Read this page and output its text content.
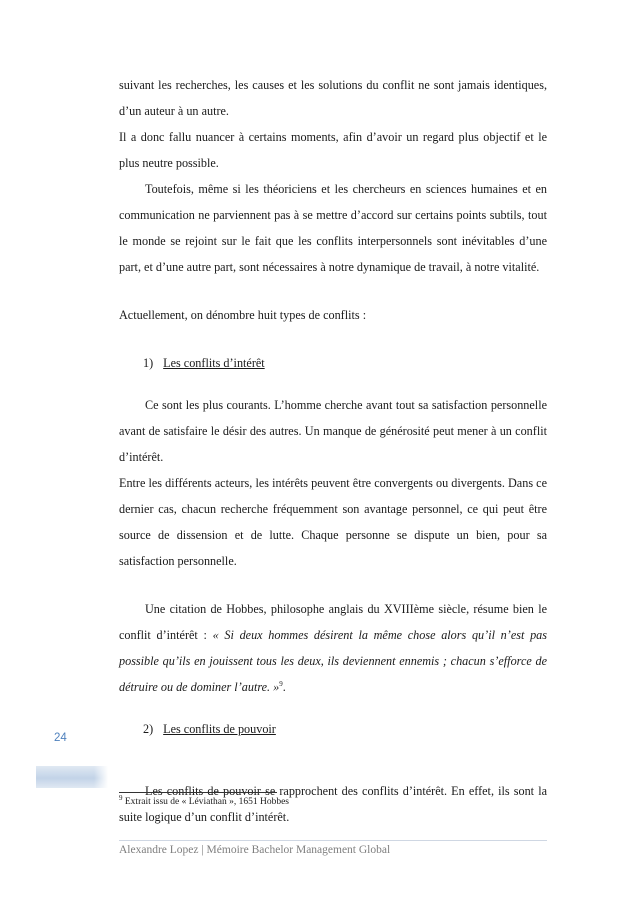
suivant les recherches, les causes et les solutions du conflit ne sont jamais identiques, d’un auteur à un autre.

Il a donc fallu nuancer à certains moments, afin d’avoir un regard plus objectif et le plus neutre possible.

Toutefois, même si les théoriciens et les chercheurs en sciences humaines et en communication ne parviennent pas à se mettre d’accord sur certains points subtils, tout le monde se rejoint sur le fait que les conflits interpersonnels sont inévitables d’une part, et d’une autre part, sont nécessaires à notre dynamique de travail, à notre vitalité.

Actuellement, on dénombre huit types de conflits :

1) Les conflits d’intérêt

Ce sont les plus courants. L’homme cherche avant tout sa satisfaction personnelle avant de satisfaire le désir des autres. Un manque de générosité peut mener à un conflit d’intérêt.

Entre les différents acteurs, les intérêts peuvent être convergents ou divergents. Dans ce dernier cas, chacun recherche fréquemment son avantage personnel, ce qui peut être source de dissension et de lutte. Chaque personne se dispute un bien, pour sa satisfaction personnelle.

Une citation de Hobbes, philosophe anglais du XVIIIème siècle, résume bien le conflit d’intérêt : « Si deux hommes désirent la même chose alors qu’il n’est pas possible qu’ils en jouissent tous les deux, ils deviennent ennemis ; chacun s’efforce de détruire ou de dominer l’autre. »$^9$.

2) Les conflits de pouvoir

Les conflits de pouvoir se rapprochent des conflits d’intérêt. En effet, ils sont la suite logique d’un conflit d’intérêt.

24
$^9$ Extrait issu de « Léviathan », 1651 Hobbes
Alexandre Lopez | Mémoire Bachelor Management Global
